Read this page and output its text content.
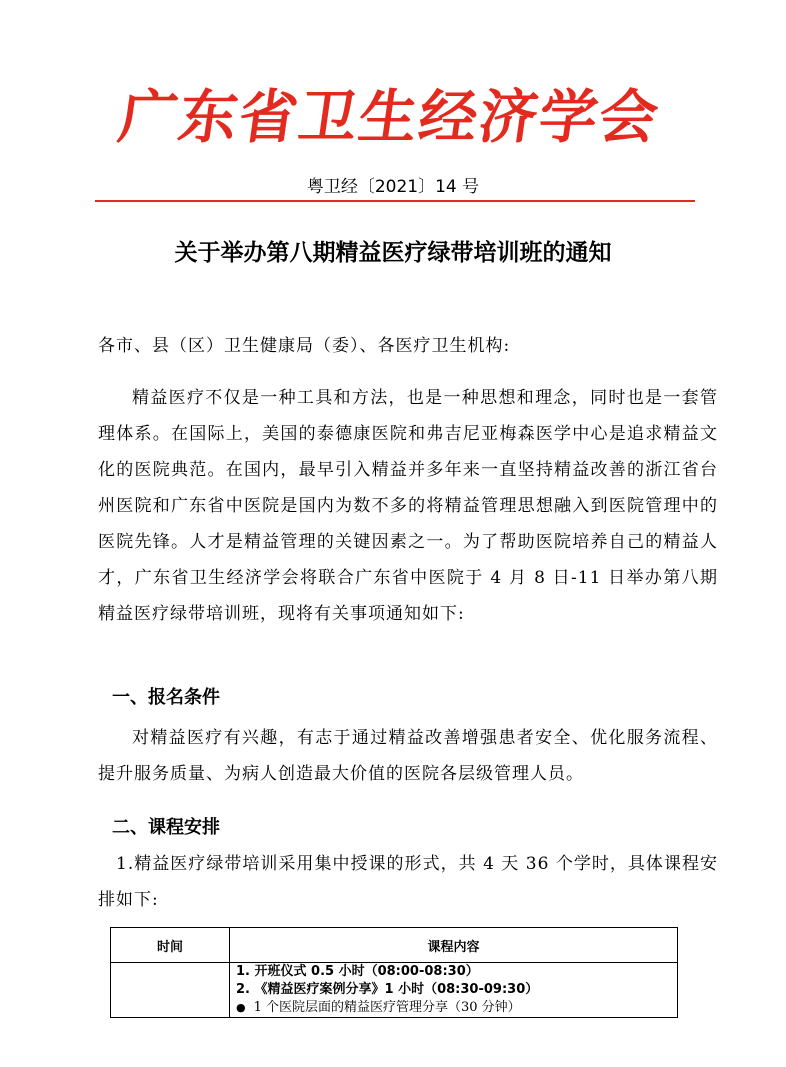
广
东
省
卫
生
经
济
学
会
粤卫经〔2021〕14 号
关于举办第八期精益医疗绿带培训班的通知
各市、县（区）卫生健康局（委）、各医疗卫生机构:
精益医疗不仅是一种工具和方法，也是一种思想和理念，同时也是一套管理体系。在国际上，美国的泰德康医院和弗吉尼亚梅森医学中心是追求精益文化的医院典范。在国内，最早引入精益并多年来一直坚持精益改善的浙江省台州医院和广东省中医院是国内为数不多的将精益管理思想融入到医院管理中的医院先锋。人才是精益管理的关键因素之一。为了帮助医院培养自己的精益人才，广东省卫生经济学会将联合广东省中医院于 4 月 8 日-11 日举办第八期精益医疗绿带培训班，现将有关事项通知如下:
一、报名条件
对精益医疗有兴趣，有志于通过精益改善增强患者安全、优化服务流程、提升服务质量、为病人创造最大价值的医院各层级管理人员。
二、课程安排
1.精益医疗绿带培训采用集中授课的形式，共 4 天 36 个学时，具体课程安排如下:
时间	课程内容

	1. 开班仪式 0.5 小时（08:00-08:30）
2. 《精益医疗案例分享》1 小时（08:30-09:30）
● 1 个医院层面的精益医疗管理分享（30 分钟）
